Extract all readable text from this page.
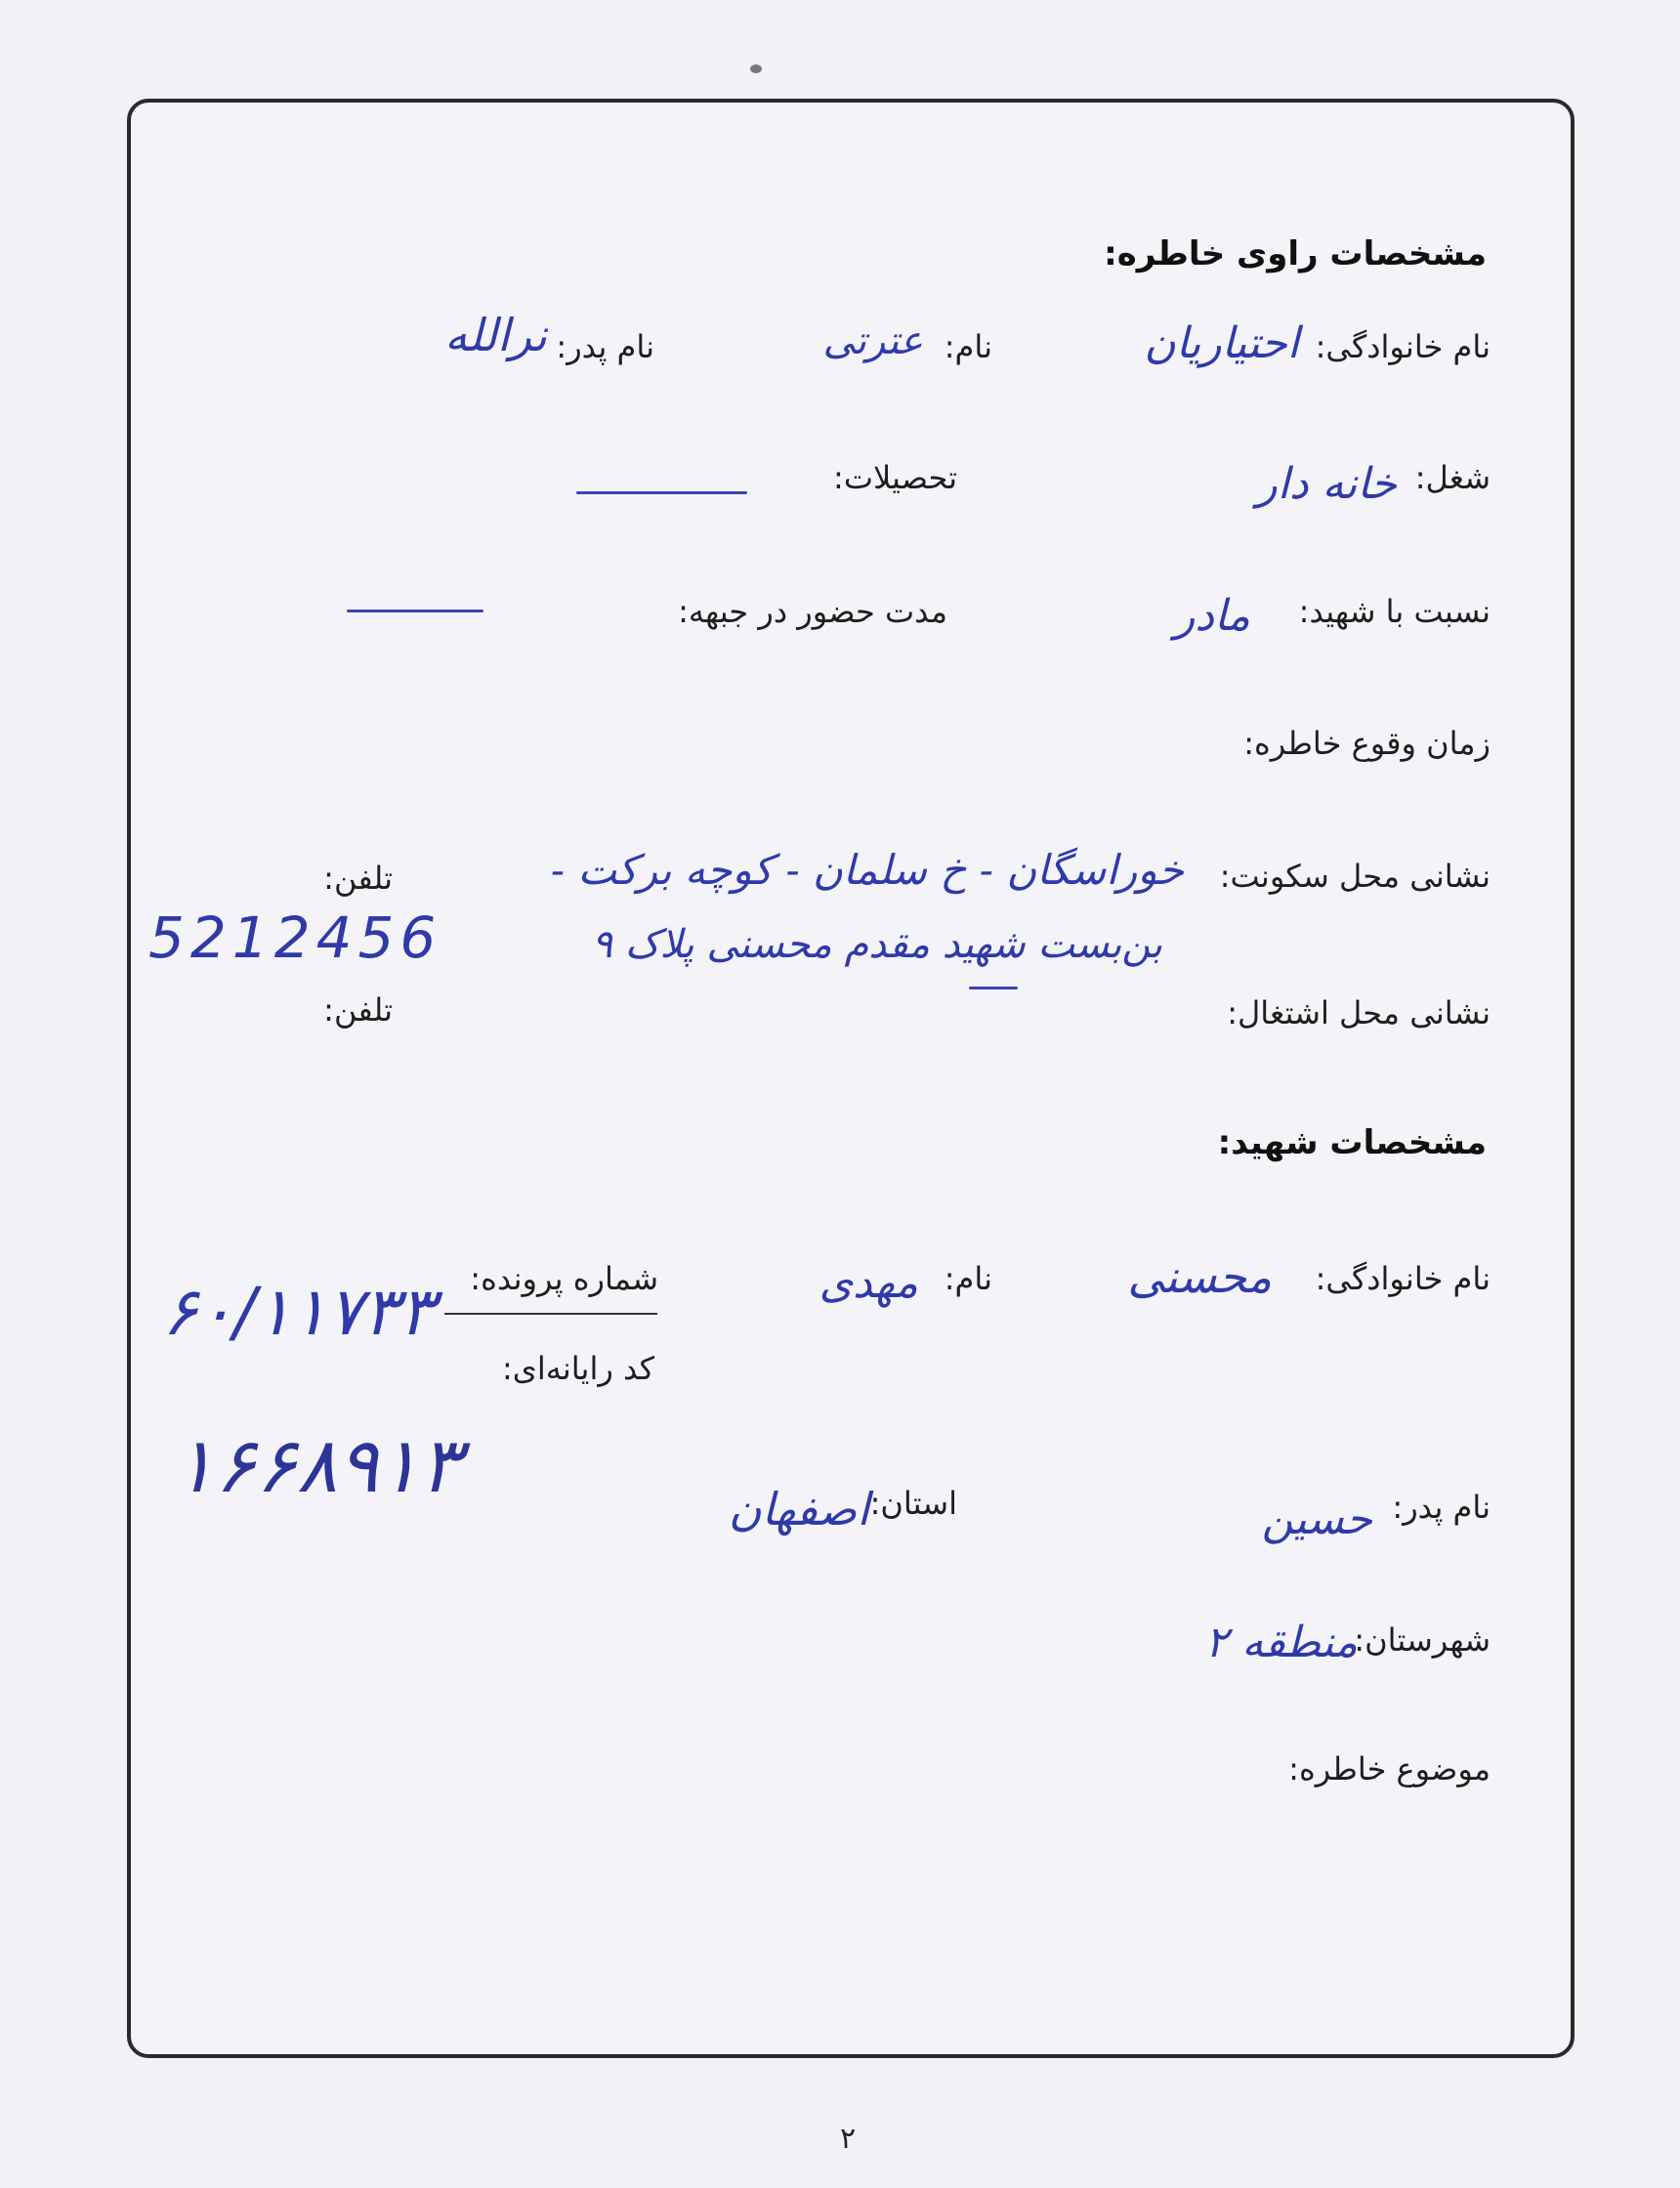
مشخصات راوی خاطره:
نام خانوادگی:
احتیاریان
نام:
عترتی
نام پدر:
نرالله
شغل:
خانه دار
تحصیلات:
نسبت با شهید:
مادر
مدت حضور در جبهه:
زمان وقوع خاطره:
نشانی محل سکونت:
خوراسگان - خ سلمان - کوچه برکت -
بن‌بست شهید مقدم محسنی پلاک ۹
تلفن:
5212456
نشانی محل اشتغال:
تلفن:
مشخصات شهید:
نام خانوادگی:
محسنی
نام:
مهدی
شماره پرونده:
۶۰/۱۱۷۳۳
کد رایانه‌ای:
۱۶۶۸۹۱۳	نام پدر:
حسین
استان:
اصفهان
شهرستان:
منطقه ۲
موضوع خاطره:
۲
